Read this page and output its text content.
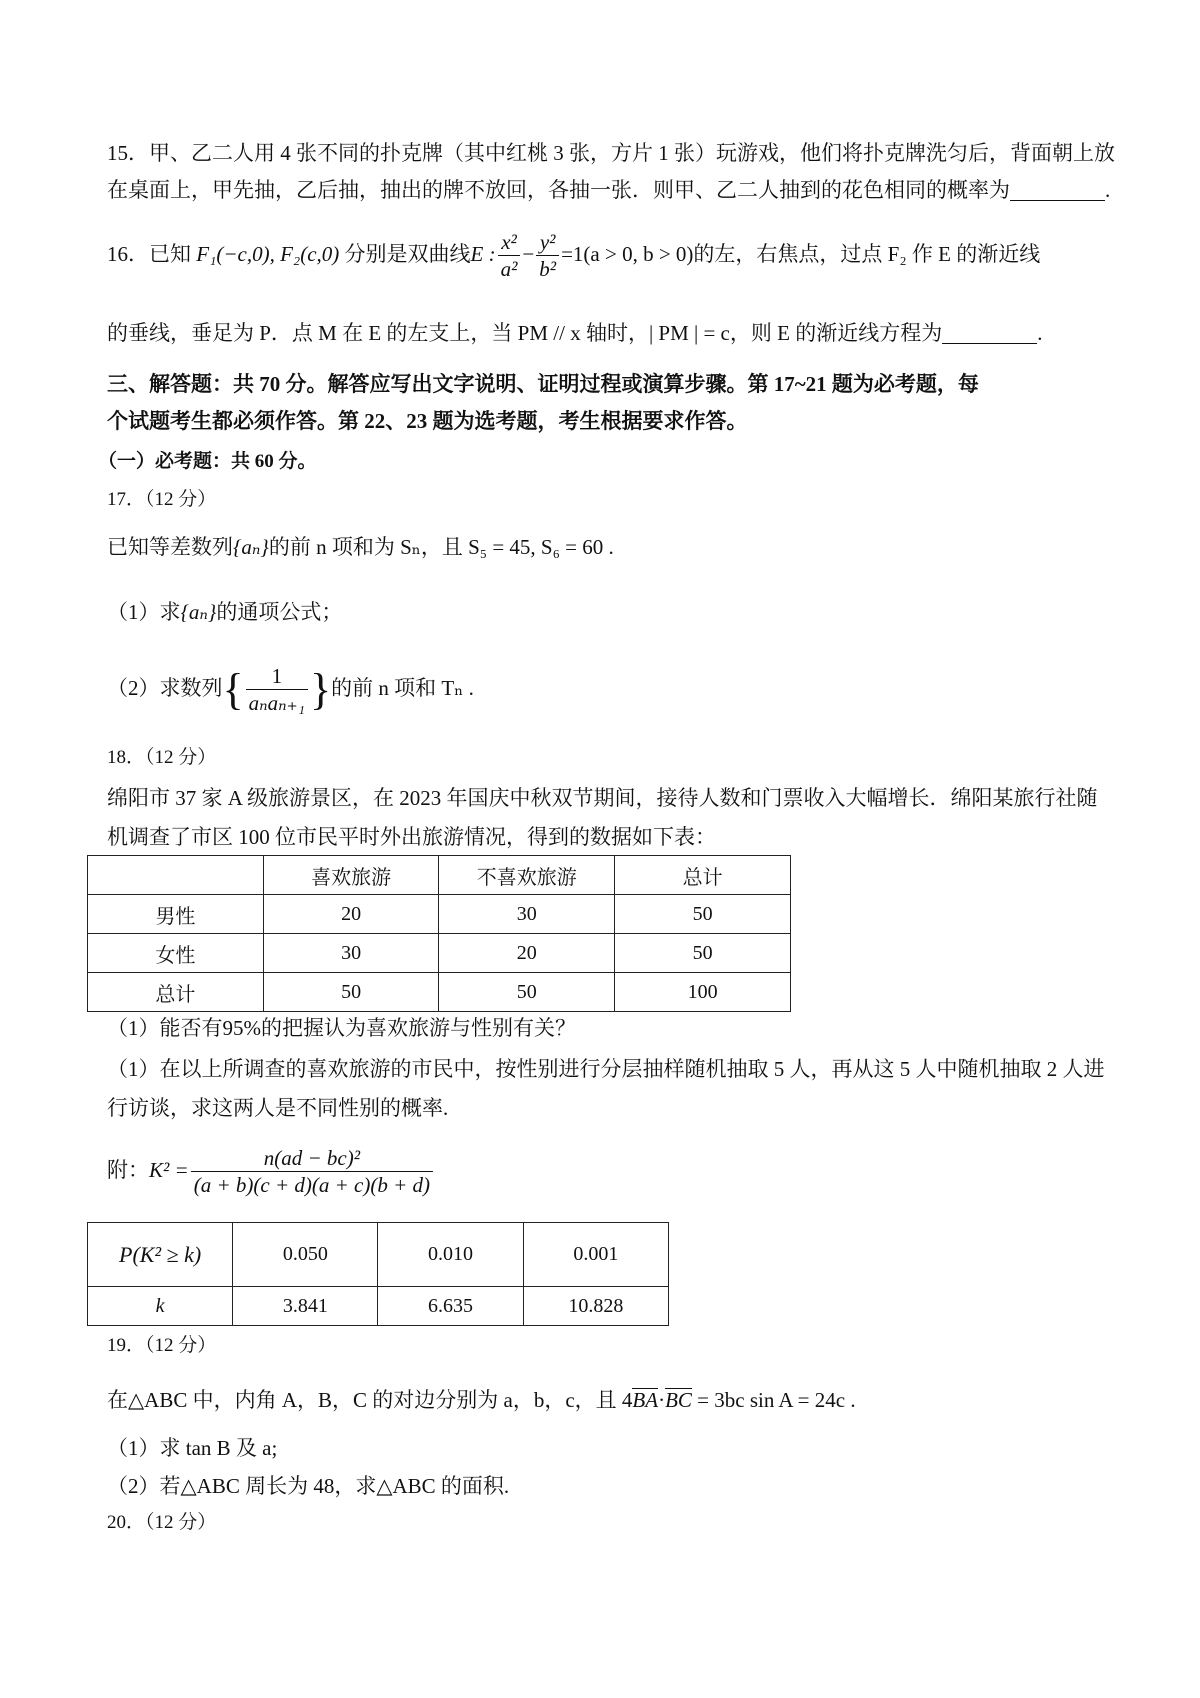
15．甲、乙二人用 4 张不同的扑克牌（其中红桃 3 张，方片 1 张）玩游戏，他们将扑克牌洗匀后，背面朝上放
在桌面上，甲先抽，乙后抽，抽出的牌不放回，各抽一张．则甲、乙二人抽到的花色相同的概率为	.
16．已知 F₁(−c,0), F₂(c,0) 分别是双曲线E : $\frac{\text{x²}}{\text{a²}} - \frac{\text{y²}}{\text{b²}} =1(a > 0$, b > 0)的左，右焦点，过点 F₂ 作 E 的渐近线
的垂线，垂足为 P．点 M 在 E 的左支上，当 PM // x 轴时，| PM | = c，则 E 的渐近线方程为	.
三、解答题：共 70 分。解答应写出文字说明、证明过程或演算步骤。第 17~21 题为必考题，每
个试题考生都必须作答。第 22、23 题为选考题，考生根据要求作答。
（一）必考题：共 60 分。
17．（12 分）
已知等差数列{aₙ}的前 n 项和为 Sₙ，且 S₅ = 45, S₆ = 60 .
（1）求{aₙ}的通项公式；
（2）求数列{ $\frac{1}{\text{aₙaₙ₊₁}}$ }的前 n 项和 Tₙ .
18．（12 分）
绵阳市 37 家 A 级旅游景区，在 2023 年国庆中秋双节期间，接待人数和门票收入大幅增长．绵阳某旅行社随
机调查了市区 100 位市民平时外出旅游情况，得到的数据如下表：
	喜欢旅游	不喜欢旅游	总计
男性	20	30	50
女性	30	20	50
总计	50	50	100
（1）能否有95%的把握认为喜欢旅游与性别有关？
（1）在以上所调查的喜欢旅游的市民中，按性别进行分层抽样随机抽取 5 人，再从这 5 人中随机抽取 2 人进
行访谈，求这两人是不同性别的概率.
附：$K^2 = \frac{\text{n(ad − bc)²}}{(a + b)(c + d)(a + c)(b + d)}$
P(K² ≥ k)	0.050	0.010	0.001
k	3.841	6.635	10.828
19．（12 分）
在△ABC 中，内角 A，B，C 的对边分别为 a，b，c，且 4BA·BC = 3bc sin A = 24c .
（1）求 tan B 及 a;
（2）若△ABC 周长为 48，求△ABC 的面积.
20．（12 分）
